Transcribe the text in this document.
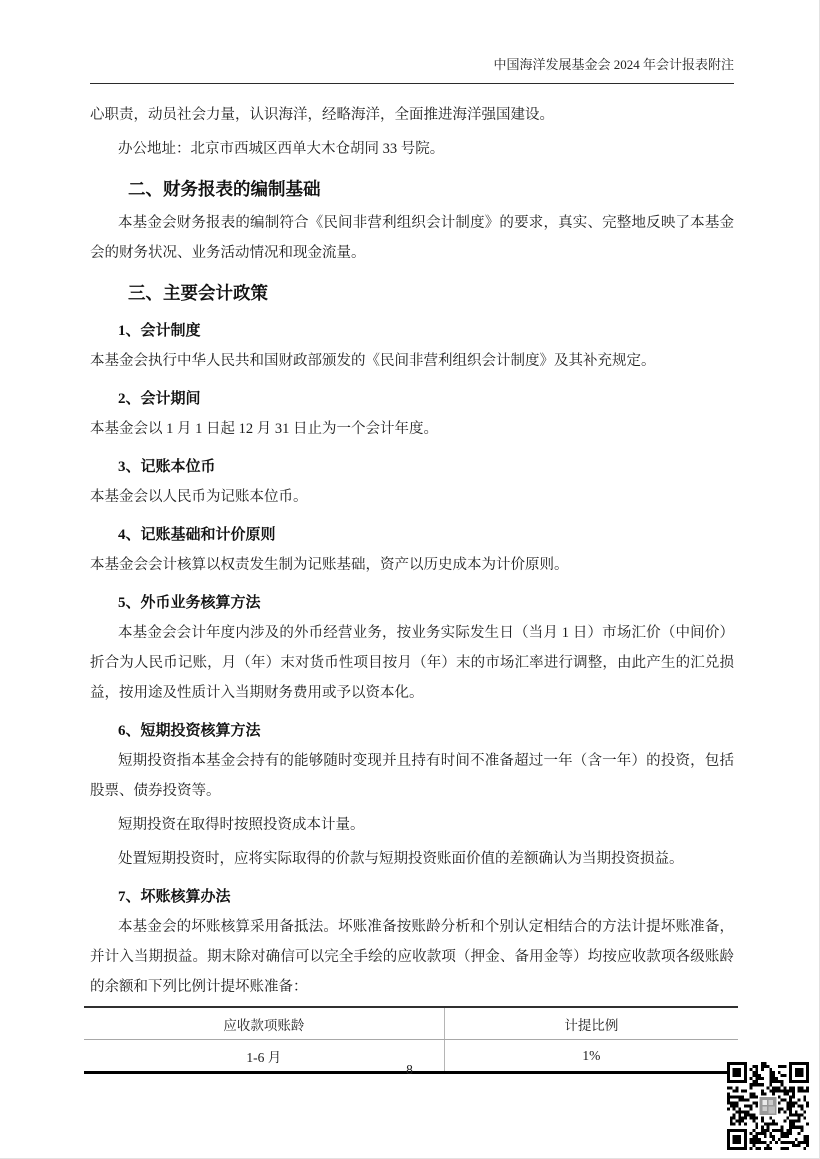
中国海洋发展基金会 2024 年会计报表附注

心职责，动员社会力量，认识海洋，经略海洋，全面推进海洋强国建设。

办公地址：北京市西城区西单大木仓胡同 33 号院。

二、财务报表的编制基础

本基金会财务报表的编制符合《民间非营利组织会计制度》的要求，真实、完整地反映了本基金会的财务状况、业务活动情况和现金流量。

三、主要会计政策
1、会计制度

本基金会执行中华人民共和国财政部颁发的《民间非营利组织会计制度》及其补充规定。

2、会计期间

本基金会以 1 月 1 日起 12 月 31 日止为一个会计年度。

3、记账本位币

本基金会以人民币为记账本位币。

4、记账基础和计价原则

本基金会会计核算以权责发生制为记账基础，资产以历史成本为计价原则。

5、外币业务核算方法

本基金会会计年度内涉及的外币经营业务，按业务实际发生日（当月 1 日）市场汇价（中间价）折合为人民币记账，月（年）末对货币性项目按月（年）末的市场汇率进行调整，由此产生的汇兑损益，按用途及性质计入当期财务费用或予以资本化。

6、短期投资核算方法

短期投资指本基金会持有的能够随时变现并且持有时间不准备超过一年（含一年）的投资，包括股票、债券投资等。

短期投资在取得时按照投资成本计量。

处置短期投资时，应将实际取得的价款与短期投资账面价值的差额确认为当期投资损益。

7、坏账核算办法

本基金会的坏账核算采用备抵法。坏账准备按账龄分析和个别认定相结合的方法计提坏账准备，并计入当期损益。期末除对确信可以完全手绘的应收款项（押金、备用金等）均按应收款项各级账龄的余额和下列比例计提坏账准备：

应收款项账龄	计提比例
1-6 月	1%
8
